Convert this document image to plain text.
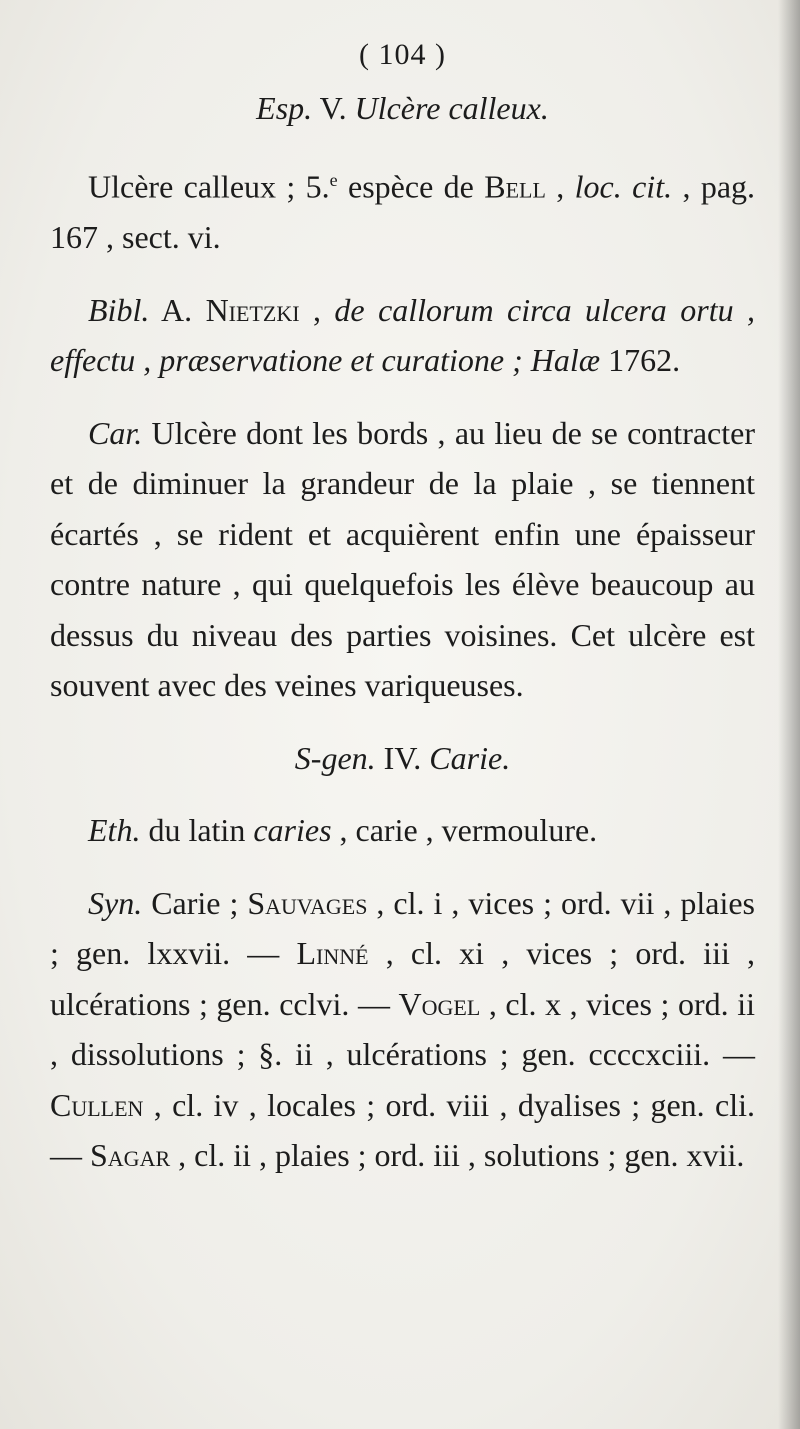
( 104 )
Esp. V. Ulcère calleux.

Ulcère calleux ; 5.$^e$ espèce de Bell , loc. cit. , pag. 167 , sect. vi.

Bibl. A. Nietzki , de callorum circa ulcera ortu , effectu , præservatione et curatione ; Halæ 1762.

Car. Ulcère dont les bords , au lieu de se contracter et de diminuer la grandeur de la plaie , se tiennent écartés , se rident et acquièrent enfin une épaisseur contre nature , qui quelquefois les élève beaucoup au dessus du niveau des parties voisines. Cet ulcère est souvent avec des veines variqueuses.

S-gen. IV. Carie.

Eth. du latin caries , carie , vermoulure.

Syn. Carie ; Sauvages , cl. i , vices ; ord. vii , plaies ; gen. lxxvii. — Linné , cl. xi , vices ; ord. iii , ulcérations ; gen. cclvi. — Vogel , cl. x , vices ; ord. ii , dissolutions ; §. ii , ulcérations ; gen. ccccxciii. — Cullen , cl. iv , locales ; ord. viii , dyalises ; gen. cli. — Sagar , cl. ii , plaies ; ord. iii , solutions ; gen. xvii.
